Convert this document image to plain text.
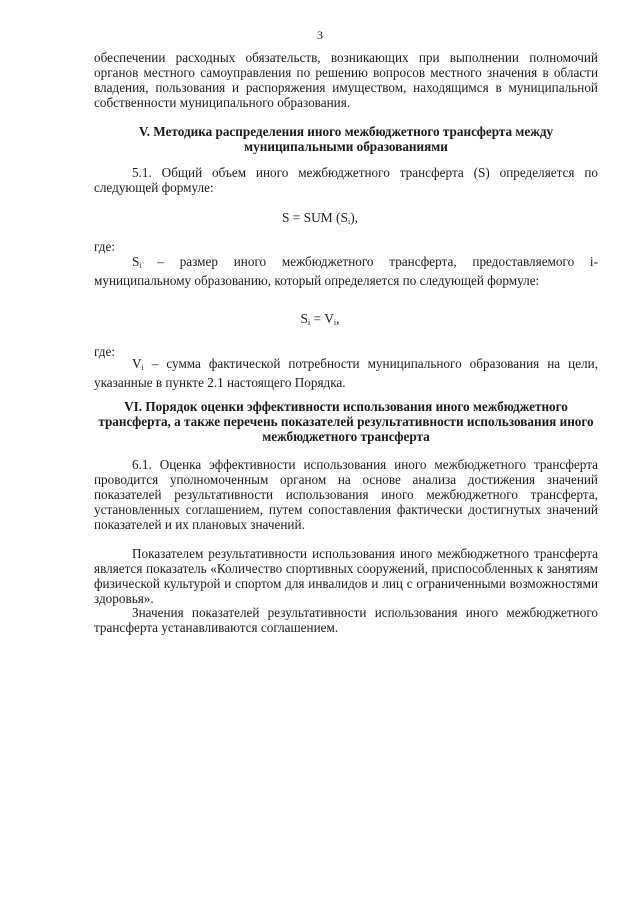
3

обеспечении расходных обязательств, возникающих при выполнении полномочий органов местного самоуправления по решению вопросов местного значения в области владения, пользования и распоряжения имуществом, находящимся в муниципальной собственности муниципального образования.

V. Методика распределения иного межбюджетного трансферта между муниципальными образованиями

5.1. Общий объем иного межбюджетного трансферта (S) определяется по следующей формуле:

S = SUM $(S_i)$,
где:

$S_i$ – размер иного межбюджетного трансферта, предоставляемого i-муниципальному образованию, который определяется по следующей формуле:

$S_i = V_i$,
где:

$V_i$ – сумма фактической потребности муниципального образования на цели, указанные в пункте 2.1 настоящего Порядка.

VI. Порядок оценки эффективности использования иного межбюджетного трансферта, а также перечень показателей результативности использования иного межбюджетного трансферта

6.1. Оценка эффективности использования иного межбюджетного трансферта проводится уполномоченным органом на основе анализа достижения значений показателей результативности использования иного межбюджетного трансферта, установленных соглашением, путем сопоставления фактически достигнутых значений показателей и их плановых значений.

Показателем результативности использования иного межбюджетного трансферта является показатель «Количество спортивных сооружений, приспособленных к занятиям физической культурой и спортом для инвалидов и лиц с ограниченными возможностями здоровья».

Значения показателей результативности использования иного межбюджетного трансферта устанавливаются соглашением.
